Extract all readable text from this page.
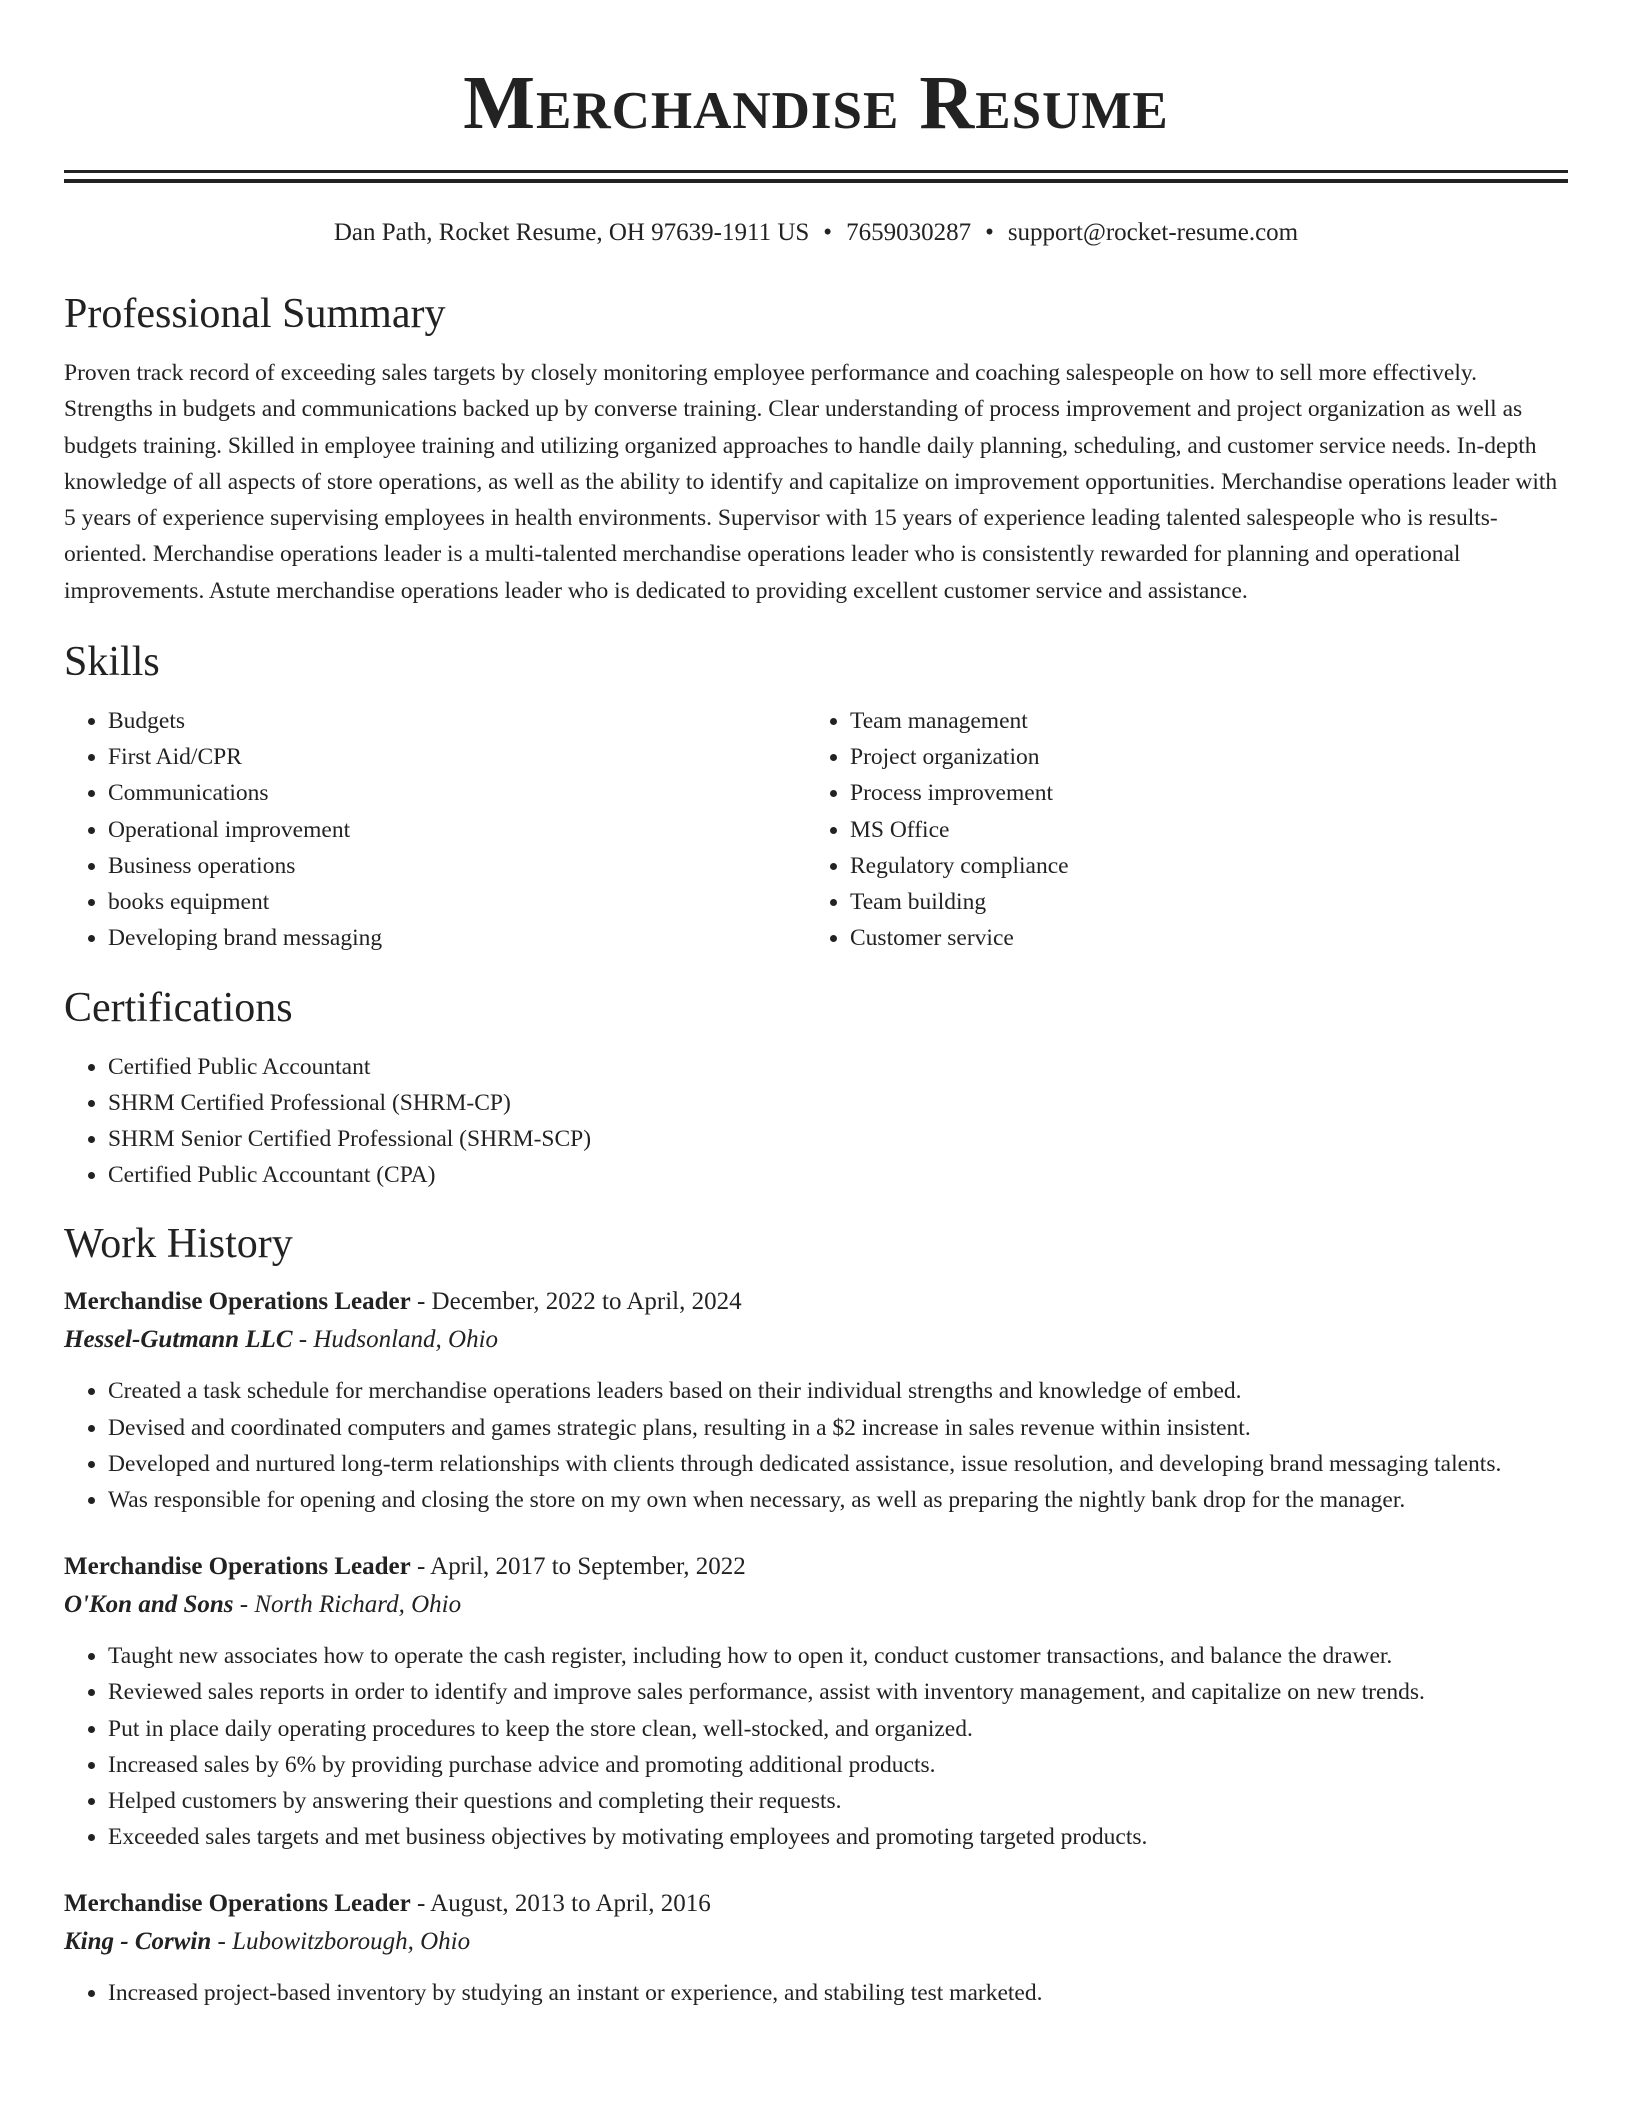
Merchandise Resume
Dan Path, Rocket Resume, OH 97639-1911 US • 7659030287 • support@rocket-resume.com
Professional Summary

Proven track record of exceeding sales targets by closely monitoring employee performance and coaching salespeople on how to sell more effectively. Strengths in budgets and communications backed up by converse training. Clear understanding of process improvement and project organization as well as budgets training. Skilled in employee training and utilizing organized approaches to handle daily planning, scheduling, and customer service needs. In-depth knowledge of all aspects of store operations, as well as the ability to identify and capitalize on improvement opportunities. Merchandise operations leader with 5 years of experience supervising employees in health environments. Supervisor with 15 years of experience leading talented salespeople who is results-oriented. Merchandise operations leader is a multi-talented merchandise operations leader who is consistently rewarded for planning and operational improvements. Astute merchandise operations leader who is dedicated to providing excellent customer service and assistance.

Skills
• Budgets
• First Aid/CPR
• Communications
• Operational improvement
• Business operations
• books equipment
• Developing brand messaging
• Team management
• Project organization
• Process improvement
• MS Office
• Regulatory compliance
• Team building
• Customer service
Certifications
• Certified Public Accountant
• SHRM Certified Professional (SHRM-CP)
• SHRM Senior Certified Professional (SHRM-SCP)
• Certified Public Accountant (CPA)
Work History
Merchandise Operations Leader - December, 2022 to April, 2024
Hessel-Gutmann LLC - Hudsonland, Ohio
• Created a task schedule for merchandise operations leaders based on their individual strengths and knowledge of embed.
• Devised and coordinated computers and games strategic plans, resulting in a $2 increase in sales revenue within insistent.
• Developed and nurtured long-term relationships with clients through dedicated assistance, issue resolution, and developing brand messaging talents.
• Was responsible for opening and closing the store on my own when necessary, as well as preparing the nightly bank drop for the manager.
Merchandise Operations Leader - April, 2017 to September, 2022
O'Kon and Sons - North Richard, Ohio
• Taught new associates how to operate the cash register, including how to open it, conduct customer transactions, and balance the drawer.
• Reviewed sales reports in order to identify and improve sales performance, assist with inventory management, and capitalize on new trends.
• Put in place daily operating procedures to keep the store clean, well-stocked, and organized.
• Increased sales by 6% by providing purchase advice and promoting additional products.
• Helped customers by answering their questions and completing their requests.
• Exceeded sales targets and met business objectives by motivating employees and promoting targeted products.
Merchandise Operations Leader - August, 2013 to April, 2016
King - Corwin - Lubowitzborough, Ohio
• Increased project-based inventory by studying an instant or experience, and stabiling test marketed.
